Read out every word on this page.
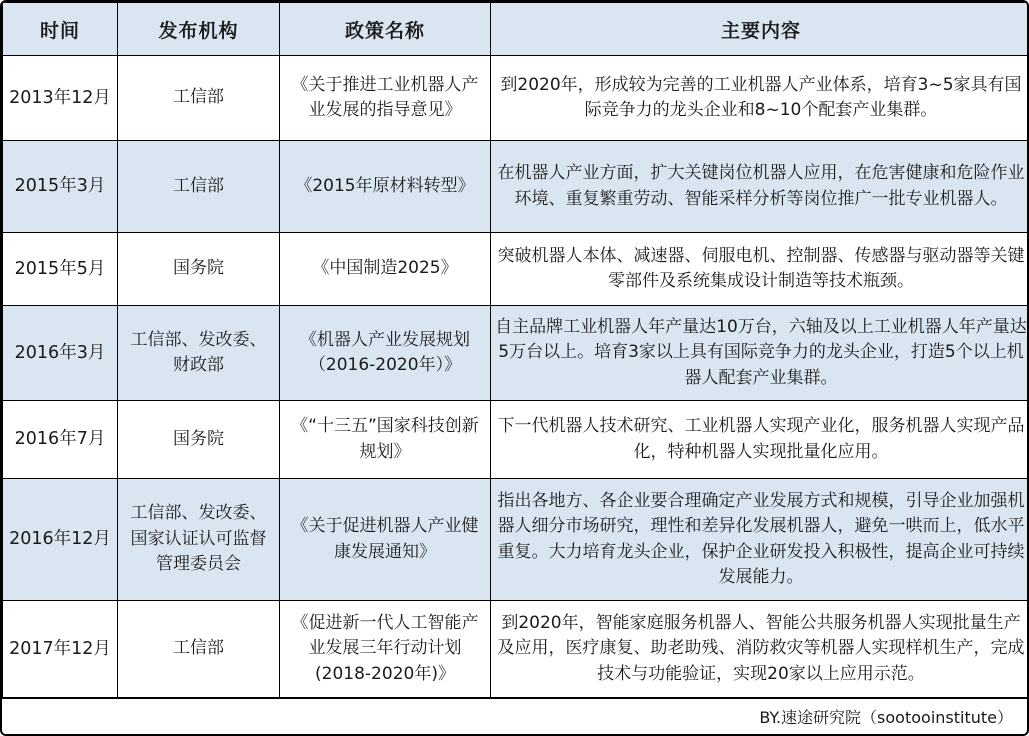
时间	发布机构	政策名称	主要内容
2013年12月	工信部	《关于推进工业机器人产业发展的指导意见》	到2020年，形成较为完善的工业机器人产业体系，培育3~5家具有国际竞争力的龙头企业和8~10个配套产业集群。
2015年3月	工信部	《2015年原材料转型》	在机器人产业方面，扩大关键岗位机器人应用，在危害健康和危险作业环境、重复繁重劳动、智能采样分析等岗位推广一批专业机器人。
2015年5月	国务院	《中国制造2025》	突破机器人本体、减速器、伺服电机、控制器、传感器与驱动器等关键零部件及系统集成设计制造等技术瓶颈。
2016年3月	工信部、发改委、财政部	《机器人产业发展规划（2016-2020年）》	自主品牌工业机器人年产量达10万台，六轴及以上工业机器人年产量达5万台以上。培育3家以上具有国际竞争力的龙头企业，打造5个以上机器人配套产业集群。
2016年7月	国务院	《“十三五”国家科技创新规划》	下一代机器人技术研究、工业机器人实现产业化，服务机器人实现产品化，特种机器人实现批量化应用。
2016年12月	工信部、发改委、国家认证认可监督管理委员会	《关于促进机器人产业健康发展通知》	指出各地方、各企业要合理确定产业发展方式和规模，引导企业加强机器人细分市场研究，理性和差异化发展机器人，避免一哄而上，低水平重复。大力培育龙头企业，保护企业研发投入积极性，提高企业可持续发展能力。
2017年12月	工信部	《促进新一代人工智能产业发展三年行动计划(2018-2020年)》	到2020年，智能家庭服务机器人、智能公共服务机器人实现批量生产及应用，医疗康复、助老助残、消防救灾等机器人实现样机生产，完成技术与功能验证，实现20家以上应用示范。
BY.速途研究院（sootooinstitute）
